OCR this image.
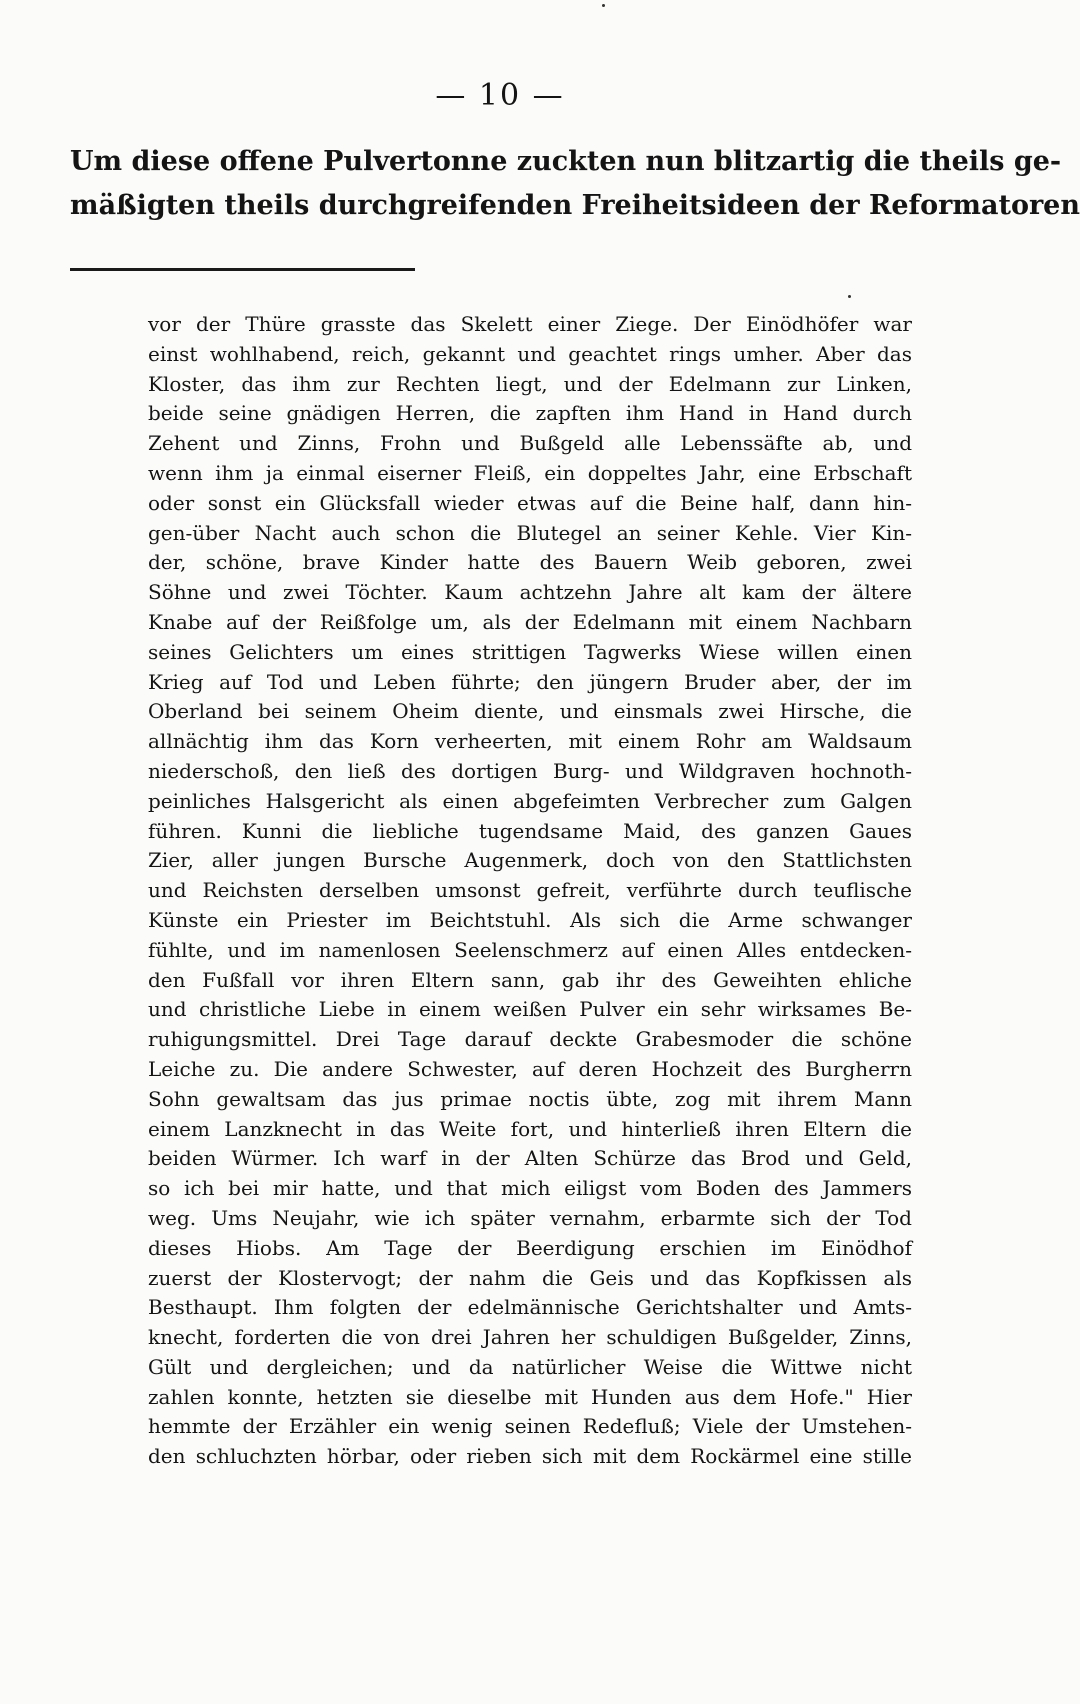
— 10 —
Um diese offene Pulvertonne zuckten nun blitzartig die theils ge-
mäßigten theils durchgreifenden Freiheitsideen der Reformatoren
vor der Thüre grasste das Skelett einer Ziege. Der Einödhöfer war
einst wohlhabend, reich, gekannt und geachtet rings umher. Aber das
Kloster, das ihm zur Rechten liegt, und der Edelmann zur Linken,
beide seine gnädigen Herren, die zapften ihm Hand in Hand durch
Zehent und Zinns, Frohn und Bußgeld alle Lebenssäfte ab, und
wenn ihm ja einmal eiserner Fleiß, ein doppeltes Jahr, eine Erbschaft
oder sonst ein Glücksfall wieder etwas auf die Beine half, dann hin-
gen-über Nacht auch schon die Blutegel an seiner Kehle. Vier Kin-
der, schöne, brave Kinder hatte des Bauern Weib geboren, zwei
Söhne und zwei Töchter. Kaum achtzehn Jahre alt kam der ältere
Knabe auf der Reißfolge um, als der Edelmann mit einem Nachbarn
seines Gelichters um eines strittigen Tagwerks Wiese willen einen
Krieg auf Tod und Leben führte; den jüngern Bruder aber, der im
Oberland bei seinem Oheim diente, und einsmals zwei Hirsche, die
allnächtig ihm das Korn verheerten, mit einem Rohr am Waldsaum
niederschoß, den ließ des dortigen Burg- und Wildgraven hochnoth-
peinliches Halsgericht als einen abgefeimten Verbrecher zum Galgen
führen. Kunni die liebliche tugendsame Maid, des ganzen Gaues
Zier, aller jungen Bursche Augenmerk, doch von den Stattlichsten
und Reichsten derselben umsonst gefreit, verführte durch teuflische
Künste ein Priester im Beichtstuhl. Als sich die Arme schwanger
fühlte, und im namenlosen Seelenschmerz auf einen Alles entdecken-
den Fußfall vor ihren Eltern sann, gab ihr des Geweihten ehliche
und christliche Liebe in einem weißen Pulver ein sehr wirksames Be-
ruhigungsmittel. Drei Tage darauf deckte Grabesmoder die schöne
Leiche zu. Die andere Schwester, auf deren Hochzeit des Burgherrn
Sohn gewaltsam das jus primae noctis übte, zog mit ihrem Mann
einem Lanzknecht in das Weite fort, und hinterließ ihren Eltern die
beiden Würmer. Ich warf in der Alten Schürze das Brod und Geld,
so ich bei mir hatte, und that mich eiligst vom Boden des Jammers
weg. Ums Neujahr, wie ich später vernahm, erbarmte sich der Tod
dieses Hiobs. Am Tage der Beerdigung erschien im Einödhof
zuerst der Klostervogt; der nahm die Geis und das Kopfkissen als
Besthaupt. Ihm folgten der edelmännische Gerichtshalter und Amts-
knecht, forderten die von drei Jahren her schuldigen Bußgelder, Zinns,
Gült und dergleichen; und da natürlicher Weise die Wittwe nicht
zahlen konnte, hetzten sie dieselbe mit Hunden aus dem Hofe." Hier
hemmte der Erzähler ein wenig seinen Redefluß; Viele der Umstehen-
den schluchzten hörbar, oder rieben sich mit dem Rockärmel eine stille
